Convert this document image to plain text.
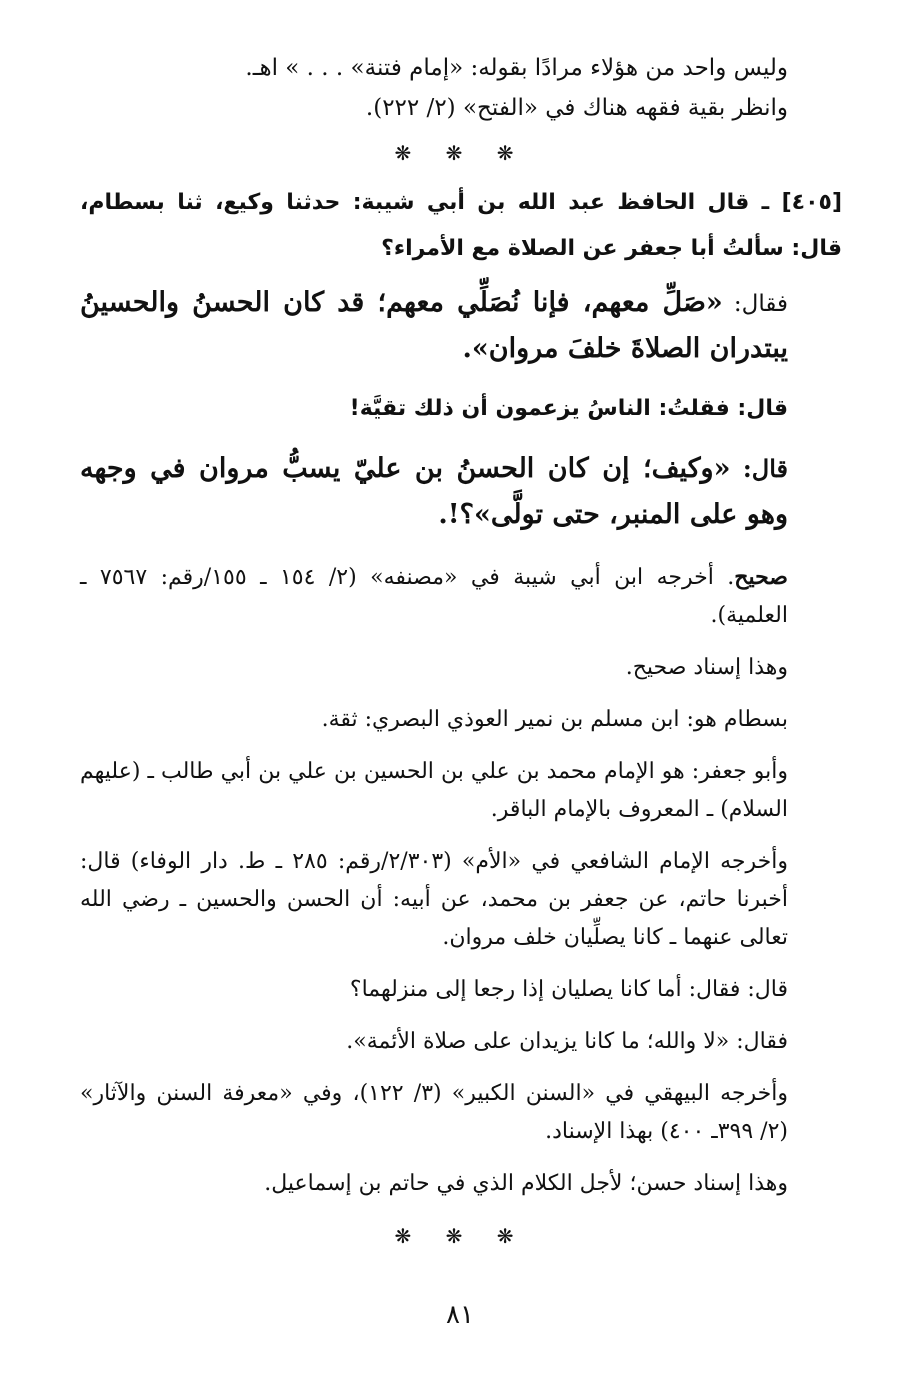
وليس واحد من هؤلاء مرادًا بقوله: «إمام فتنة» . . . » اهـ.

وانظر بقية فقهه هناك في «الفتح» (٢/ ٢٢٢).

❋ ❋ ❋

[٤٠٥] ـ قال الحافظ عبد الله بن أبي شيبة: حدثنا وكيع، ثنا بسطام، قال: سألتُ أبا جعفر عن الصلاة مع الأمراء؟

فقال: «صَلِّ معهم، فإنا نُصَلِّي معهم؛ قد كان الحسنُ والحسينُ يبتدران الصلاةَ خلفَ مروان».

قال: فقلتُ: الناسُ يزعمون أن ذلك تقيَّة!

قال: «وكيف؛ إن كان الحسنُ بن عليّ يسبُّ مروان في وجهه وهو على المنبر، حتى تولَّى»؟!.

صحيح. أخرجه ابن أبي شيبة في «مصنفه» (٢/ ١٥٤ ـ ١٥٥/رقم: ٧٥٦٧ ـ العلمية).

وهذا إسناد صحيح.

بسطام هو: ابن مسلم بن نمير العوذي البصري: ثقة.

وأبو جعفر: هو الإمام محمد بن علي بن الحسين بن علي بن أبي طالب ـ (عليهم السلام) ـ المعروف بالإمام الباقر.

وأخرجه الإمام الشافعي في «الأم» (٢/٣٠٣/رقم: ٢٨٥ ـ ط. دار الوفاء) قال: أخبرنا حاتم، عن جعفر بن محمد، عن أبيه: أن الحسن والحسين ـ رضي الله تعالى عنهما ـ كانا يصلِّيان خلف مروان.

قال: فقال: أما كانا يصليان إذا رجعا إلى منزلهما؟

فقال: «لا والله؛ ما كانا يزيدان على صلاة الأئمة».

وأخرجه البيهقي في «السنن الكبير» (٣/ ١٢٢)، وفي «معرفة السنن والآثار» (٢/ ٣٩٩ـ ٤٠٠) بهذا الإسناد.

وهذا إسناد حسن؛ لأجل الكلام الذي في حاتم بن إسماعيل.

❋ ❋ ❋
٨١
